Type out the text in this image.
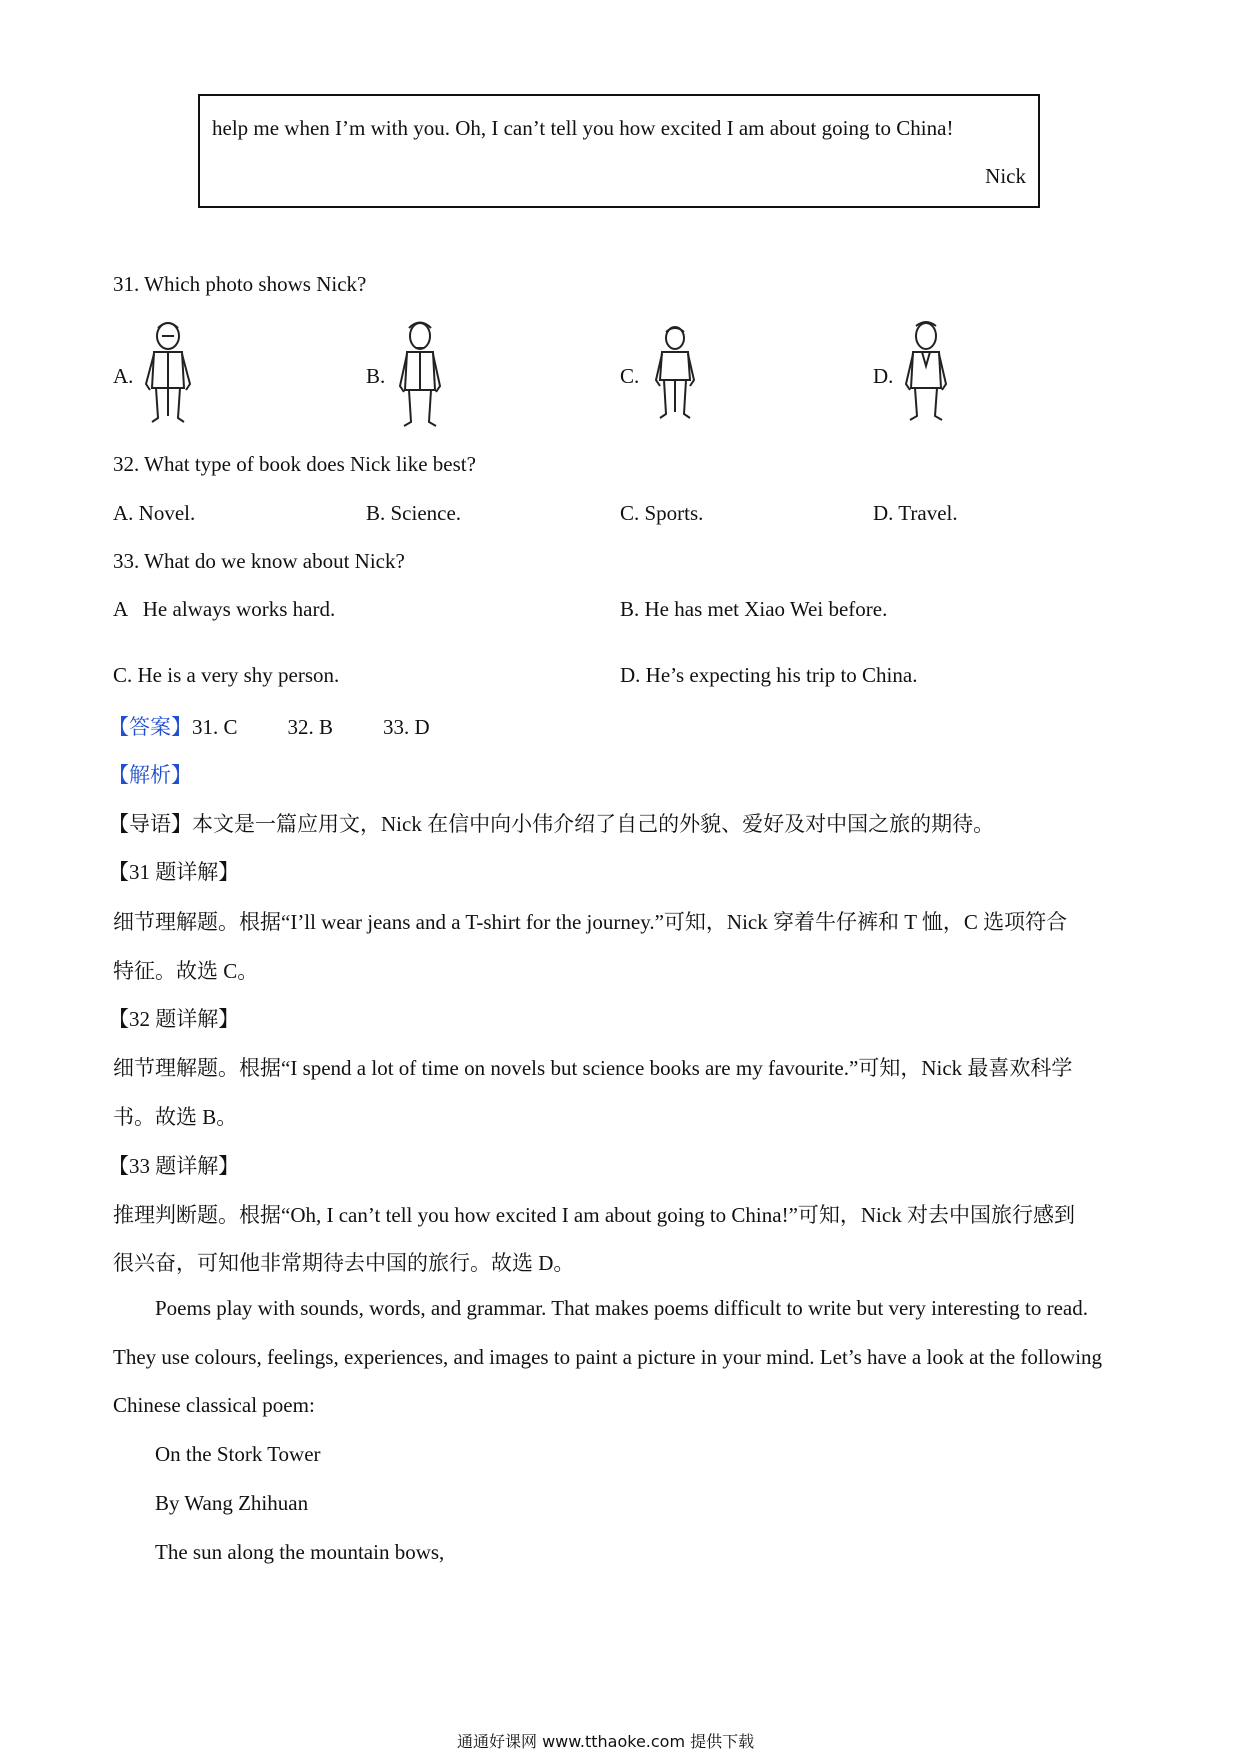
help me when I’m with you. Oh, I can’t tell you how excited I am about going to China!
Nick
31. Which photo shows Nick?
A.	B.	C.	D.
32. What type of book does Nick like best?
A. Novel.	B. Science.	C. Sports.	D. Travel.
33. What do we know about Nick?
A   He always works hard.	B. He has met Xiao Wei before.
C. He is a very shy person.	D. He’s expecting his trip to China.
【答案】31. C 32. B 33. D
【解析】
【导语】本文是一篇应用文，Nick 在信中向小伟介绍了自己的外貌、爱好及对中国之旅的期待。
【31 题详解】
细节理解题。根据“I’ll wear jeans and a T-shirt for the journey.”可知，Nick 穿着牛仔裤和 T 恤，C 选项符合
特征。故选 C。
【32 题详解】
细节理解题。根据“I spend a lot of time on novels but science books are my favourite.”可知，Nick 最喜欢科学
书。故选 B。
【33 题详解】
推理判断题。根据“Oh, I can’t tell you how excited I am about going to China!”可知，Nick 对去中国旅行感到
很兴奋，可知他非常期待去中国的旅行。故选 D。
Poems play with sounds, words, and grammar. That makes poems difficult to write but very interesting to read.
They use colours, feelings, experiences, and images to paint a picture in your mind. Let’s have a look at the following
Chinese classical poem:
On the Stork Tower
By Wang Zhihuan
The sun along the mountain bows,
通通好课网 www.tthaoke.com 提供下载
